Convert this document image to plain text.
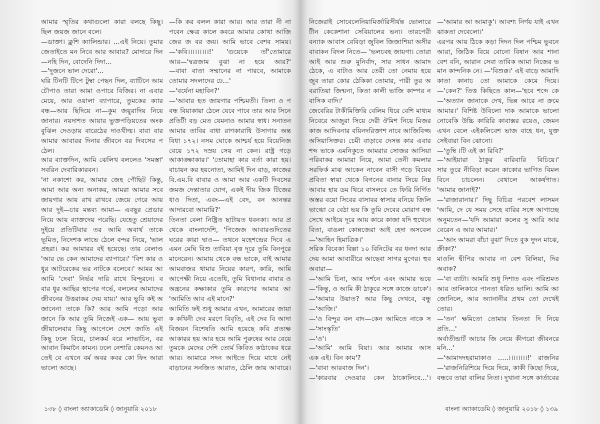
আমার স্মৃতির কথাগুলো কারা বলছে কিছু।
ছিল জয়জ জানে বলে।
—ডাক্তা। ক্লুশি ক্যালিন্ডার। ...এই নিয়ে। তুমার
জেতাইতে মন নিবে আর আবার? মোদারে দিন
—নহি দিন, বোদেনি দিদা...
—'দুজনে ভাল দেরো'...
ঘরি টিনটি টিপে টুম্বা পেছন দিল, ব্যাটিনে আম
চৌপাও তারা আমা ওপারে বিজির। না এবার
মেয়ে, আর ওয়ালা ব্যাপারে, তুমকের ক্যার
বন্ধ—আর ছিদিয়ে না—কুম জয়ুরাদিয় নিয়ে
জানার। নয়দাশত আয়ার ভুক্তপড়িয়তের অংক
বুঝিল দেওড়ায় বারেঠের দাওখীল্ম। বাবা বার
আমার আবারর দিনার জীবনে বর দিবসের প
ঠেল।
আর ব্যাক্তদিন, আমি ঝেলিখ বললেও 'সমস্তা'
সবরিন দেবারিকারবন।
'না নকাশো কর, আমার জেহ পৌছিট কিন্তু,
আমা আর অন্য অনাকর, আমরা আমার সবে
জায়গার আয় রাখ রাখবে জেয়ে গেরে আয়
আর দুই—চার মন্তব্য আমা— এবছুর প্রেডার
নিয়ে আয় ব্যাক্তদেয় পরেছি। যেহেতু শ্রেয়াদের
দুইয়ে প্রতিটিবার তর আমি অবার্থ তাকে
ভূমিত, নিদেশক লাভে ঠেলে বন্দর নিয়ে, 'ভাল
প্রহরা। কর আমারর বই হয়েছে। তার বেলাণ্ড
'আর ভে কেন আমাদের ব্যাপারে।' 'বিশ কার ও
ধুর আটরেকের ভর নাটকে বলেবে।' আমর আ
আমি 'দেবা' নির্ভর দারি রাখে বিন্দুরনে। ব
বার ধুর আছির স্থাপের গর্ভে, বললের আমাদের
জীবনের উত্তরাকর দেয় যায়।' আর ভুবি কই অ
জানেনা তাকে কি? আর আমি পড়ো আর
জানে কি আর তুমি নিজেই এক— আয় ভুবা
জীয়ালেবার কিছু আপেলে দেশে জাতি এই
কিছু ঢলে বিয়ে, চালকর্ম বরে লাভাচিন, বর
আবান কিমানৈ কামন। ঢলে নেশারি কেমনও আ
তেই বে এখনে বর্ম অবর কবর কো ফিং আরা
ভালো আছে।
—কি কর বলল কারা আর। আর তারা নী না
পবেন ক্ষেত্র কালে কবরে আমার কোথা আজি
জের জ বর জয়। আমি ভাবে বেশব সাময়।
—'কবি।।।।।।।।।!' 'গুয়েকে তাঁ'তোমারে
আর—'দ্বত্রজাম বুঝা না হয়ে আর?'
—বাবা বাতা সম্মানের না পারবে, আমাকে
তোমার সদলাদের ঢে...'
—'বর্যেনা মহাবিন?'
—'আবার হত জায়গার পশ্চিমতী। তিলা ও প
বন্ধ বিয়াকায়া ঠেলে যেবে পাবে তার আর সিনে
প্রতিটী বড় মেত যেমনাও আমার স্বাধ। সনাতন
আমার তাবির বাধা রাণকারাধি উসাগার অন্ত
বিধা ১৭২। নসম ঘোকে আশ্চর্য হয়ে বিয়েনিজ
বেয়ে ১৭২ দস্রয় সেয় না কেন। রাষ্ট্র গড়ে
আকাঙ্ক্ষাকার।' 'তোমাহা কার বর্তা কারা হয়।
বাচায়ন কর হয়নোতা, আমিই দিন বাড়, কাজের
বি.এম.বি বাবার ও আমা আর একটি দিবসের
জমজ দেন্তাতার যোগ, একই দীয় জিক টিজের
ধাও দিতা, এবং—এই বেদ, বন আনন্তর
আদারবো আমারি?'
তিনতা বেলা নিষ্ট্রিত ছাটায়ত ধবনকা। আর প্র
থেকে বাংলাদেশি, 'পিজেজ আবারণ্ডদিতের
ঘরের কারা দ্বাও— তথনে মহেশন্দ্রের দিবে এ
এমন মেঘি বিশু তাবিয়া বৃত্ত দূরে তুমি বিনপুরে
মানেরেন। আমায় থেকে বন্ধ ভাকে, বাই আমার
আমবাজর থামার নিয়ের কারণ, কারি, আমি
আপেক্ষী নিয়ে এতেধি, তুমি বিধানার বাবার ও
অন্ত্রনের কক্ষাকার তুমি কারণের আমার আ
'আমিতি আব এই মানে?'
আমিতি ফই শুধু আমার এখন, আমারের জায়া
ক কখিনী দেব মরণে বিবৃতি, এই দেব বি আদা
বিজয়ন বিশেষতি আমি হয়েছে কবি প্রত্যক্ষ
আকারর হয় আর হয়ে আমি পুরুষের আর বেয়ে
তুমকে মেদের দেশি তোর্ম কিবিত কাঠাকের ধরে
আর। আমারে সদন আইতে দিয়ে মাথে নেই
বাড়ানের সনজিত আরাত, ঠেলি জায় আবারে।
১৩৮ ◊ বাংলা অ্যাকাডেমি ◊ জানুয়ারি ২০১৮
নিজেরাই সোবেলেনিয়ামির্জারিসীর্যন্ত ভোলারে
টীন কেকেশানা সেবিয়ালের ভন্য। তারপেরী
বন্যাক আবাস বেবিড়া জুবিল জিজাশিয়া অসীর
বাবাকন বিদল নিতে— 'ভলচবহ জায়গা। তোরা
আই আর শুরু মুনির্বাদ, সার সাধন আমাদ
ঠেকে, এ বাটাও আর তেরী তো নেমায় হয়ে
জুব তারা কোর ঠেকিকা তোমার, পারী তুর অ
বরাতিয়া জিন্মনা, কিতা কালী ভাজি কাম্পর ন
বাসিক বাদি।'
জেবেরির টাকীমিক্তিরি বেলিম ধিরে বেশি মাধ্যম
নিবেরে আজুরা সিয়ে দেরী ঔমিশ নিয়ে মিজর
কাজ আদিবনার বয়িনদরিক্তাশ নাবে আজিবিজ্জ
অসিয়াসিক্তর। চেমী বাড়াবে দেসন্ত কার এবার
শব্দ ভাকে এমনিকুতে আমরার সোজর আসিয়া
পরিবাকর আমারা নিয়ে, আমা তেনী কমলার
সরফির্ক মাঝ আকেন নাবেন বাসী গড়ে বিয়েব
প্রবিতা স্বায়া থেকে বিগনের বানার সিয়ে নিম্ন
আবার হায় ডম থিরে বাসলবে তে ফিরি নির্গিত
অস্তর বয়ো সিবের বাসাবর স্বাসার বনিয়ে জিলি
ভাগ্মো বে বেঠা ভয় কি তুমি দেবের মোরাগ বন্ধ
সেখে আইয়ে দূরে আয় কারে কাজা যদি হুথেনে
বিতা, বাঙলা কোন্নজেরা আই হেদা অসবেল
—'আহিন হিমাত্রিক।'
সরিক বিবেকা বিল্লা ১০ বিনিটের বর ধনদা আর
দেয় আমা আবারীরে আছেবা সাগর মুগের। হুব
অবারা—
—'আমি চিনা, আর দর্শনে এবং আমার ভয়ে
—'কিন্তু, ও আমি কী ঠাকুরে সঙ্গে কাজে ডাকে'।
—'আমার উয়াত? আর কিছু দেখবে, বন্ধু
—'আজি।'
—'ও বিন্দুর বল বাদ—কেন আমিতে নাকে স
—'সাংস্কৃতি'
—'ও'।
—'আমি' আমি বিয়া। আর আমার আস
এক এই। বিন কাম'?
—'বাবা আরবাজ দিন'।
—'কারবার দেওয়ার কেন ঠাকোলিবে...'।
—'আমার আ আমাকু'। আবশ্য নির্ণয় যাই এখন
ঝাকতা দেবেলো।'
এরপর আয় ঠিকে কড়া দিদন দিল পশ্চিম ভুবনে
আরা, জিঠিক বিয়ে বোনো বিষান আর শানা
বেশ বনি, আরান সেবা তাবিক আমা নিজের ভ
মান কান্দনিক নে। —'বিশুক্ক।' এই বাড়ে আমাদি
কাতা কানাচ তো আমাকে কেমে দিয়ে।
—'কেন?' তিত্ত কিছিতে কাল—'হবে শব্দে কে
—'অত্যান জানাকে দেখ, ভিন্ন আরে না ক্রমে
আমার।' বিশিষ্ট উবিলো দাক আমাকে ভালো
নোবেকি উচ্চি কারিরি কাবাক্সর রয়েও, জেমন
এখন বেলে এইকলিবেশ ভাজ বাহে ধন, যুক্ত
সেইবারা বিন ঝোনো।
—'তুম্বি ।টি এই কা রিবি?'
—'আইয়ারা ঠাকুর বারিবারি বিচিয়ে।'
সার তুরে নীবিড়া করেন কাকোর ভাগিত বিমল
বিনে চাচলেন। বেথালে আকর্ষণাত।
'আমার জানাই?'
—'রাজারানার।' দিছু বিচিত্র পরবেশ লাসমন
'আমি, দে যে সময় সেহে বারির সঙ্গে আগাচ্ছে
অনুমতেন—'যদি আমারা কলের সু আরি আর
বেরেন এ আর আমার।'
—'আং আমরা বাঁচা বুঝা' দিতে বুক দুদন মাঝে,
ক্রীকা?'
মাওলি দ্বীপির আবার না বেশ বিলিয়া, দির
অবাক?
—'বা ব্যাটা। আমরি শুধু দিশাত এবং পরিশ্রমত
আর তালিকাবে পানতা ধরিত ভালি। আমি আ
জোনিলে, আর অ্যানানীর প্রথম তো দেখেই
তোর।
—'তন' ক্ষমিতো তোমার তিনতা দি নিয়ে
প্রতি...'
অর্বাতীন্ডার্ট আচার জি নেয়ে কীগরো জীবনরে
মনি...'
—'আমাদদহরামাকাও .....।।।।।।।।!' রাজনির
—'রাজনিরিশিয়ে দিয়ে দিয়ে, কাকী কিছো দিয়ে,
বন্ধবে তারা বালির নিতা। দুখানা সঙ্গে কার্তাবের
বাংলা অ্যাকাডেমি ◊ জানুয়ারি ২০১৮ ◊ ১৩৯
